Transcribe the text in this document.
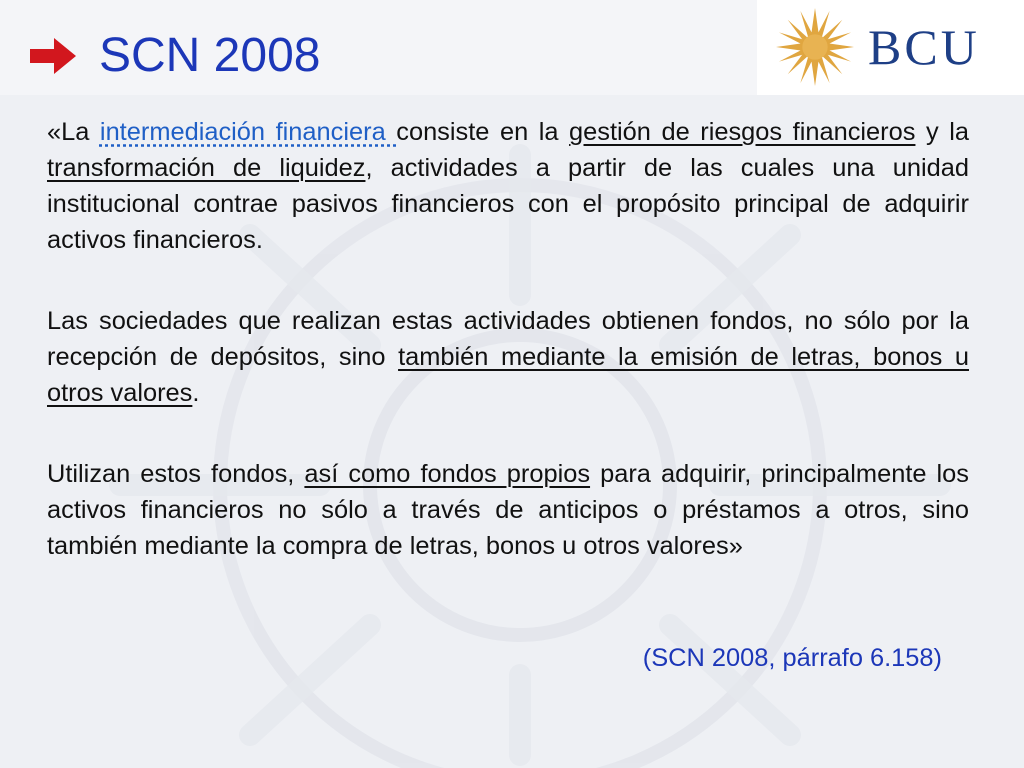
BCU
SCN 2008

«La intermediación financiera consiste en la gestión de riesgos financieros y la transformación de liquidez, actividades a partir de las cuales una unidad institucional contrae pasivos financieros con el propósito principal de adquirir activos financieros.

Las sociedades que realizan estas actividades obtienen fondos, no sólo por la recepción de depósitos, sino también mediante la emisión de letras, bonos u otros valores.

Utilizan estos fondos, así como fondos propios para adquirir, principalmente los activos financieros no sólo a través de anticipos o préstamos a otros, sino también mediante la compra de letras, bonos u otros valores»

(SCN 2008, párrafo 6.158)
